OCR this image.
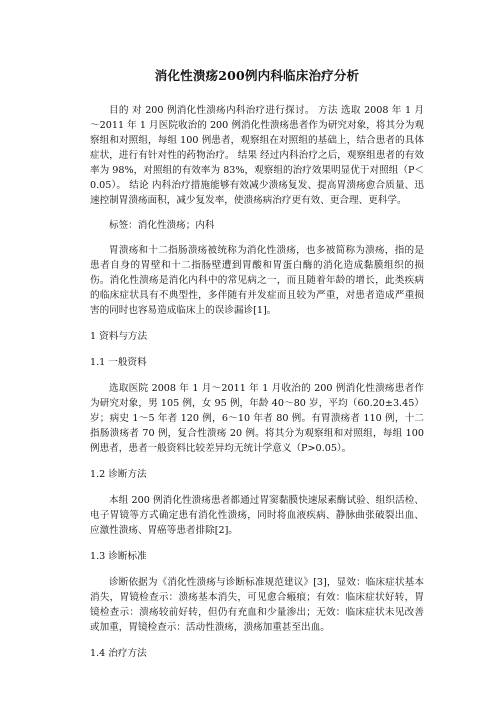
消化性溃疡200例内科临床治疗分析

目的 对 200 例消化性溃疡内科治疗进行探讨。 方法 选取 2008 年 1 月～2011 年 1 月医院收治的 200 例消化性溃疡患者作为研究对象，将其分为观察组和对照组，每组 100 例患者，观察组在对照组的基础上，结合患者的具体症状，进行有针对性的药物治疗。 结果 经过内科治疗之后，观察组患者的有效率为 98%，对照组的有效率为 83%，观察组的治疗效果明显优于对照组（P＜0.05）。 结论 内科治疗措施能够有效减少溃疡复发、提高胃溃疡愈合质量、迅速控制胃溃疡面积，减少复发率，使溃疡病治疗更有效、更合理、更科学。

标签：消化性溃疡；内科

胃溃疡和十二指肠溃疡被统称为消化性溃疡，也多被简称为溃疡，指的是患者自身的胃壁和十二指肠壁遭到胃酸和胃蛋白酶的消化造成黏膜组织的损伤。消化性溃疡是消化内科中的常见病之一，而且随着年龄的增长，此类疾病的临床症状具有不典型性，多伴随有并发症而且较为严重，对患者造成严重损害的同时也容易造成临床上的误诊漏诊[1]。

1 资料与方法

1.1 一般资料

选取医院 2008 年 1 月～2011 年 1 月收治的 200 例消化性溃疡患者作为研究对象，男 105 例，女 95 例，年龄 40～80 岁，平均（60.20±3.45）岁；病史 1～5 年者 120 例，6～10 年者 80 例。有胃溃疡者 110 例，十二指肠溃疡者 70 例，复合性溃疡 20 例。将其分为观察组和对照组，每组 100 例患者，患者一般资料比较差异均无统计学意义（P>0.05）。

1.2 诊断方法

本组 200 例消化性溃疡患者都通过胃窦黏膜快速尿素酶试验、组织活检、电子胃镜等方式确定患有消化性溃疡，同时将血液疾病、静脉曲张破裂出血、应激性溃疡、胃癌等患者排除[2]。

1.3 诊断标准

诊断依据为《消化性溃疡与诊断标准规范建议》[3]，显效：临床症状基本消失，胃镜检查示：溃疡基本消失，可见愈合瘢痕；有效：临床症状好转，胃镜检查示：溃疡较前好转，但仍有充血和少量渗出；无效：临床症状未见改善或加重，胃镜检查示：活动性溃疡，溃疡加重甚至出血。

1.4 治疗方法
